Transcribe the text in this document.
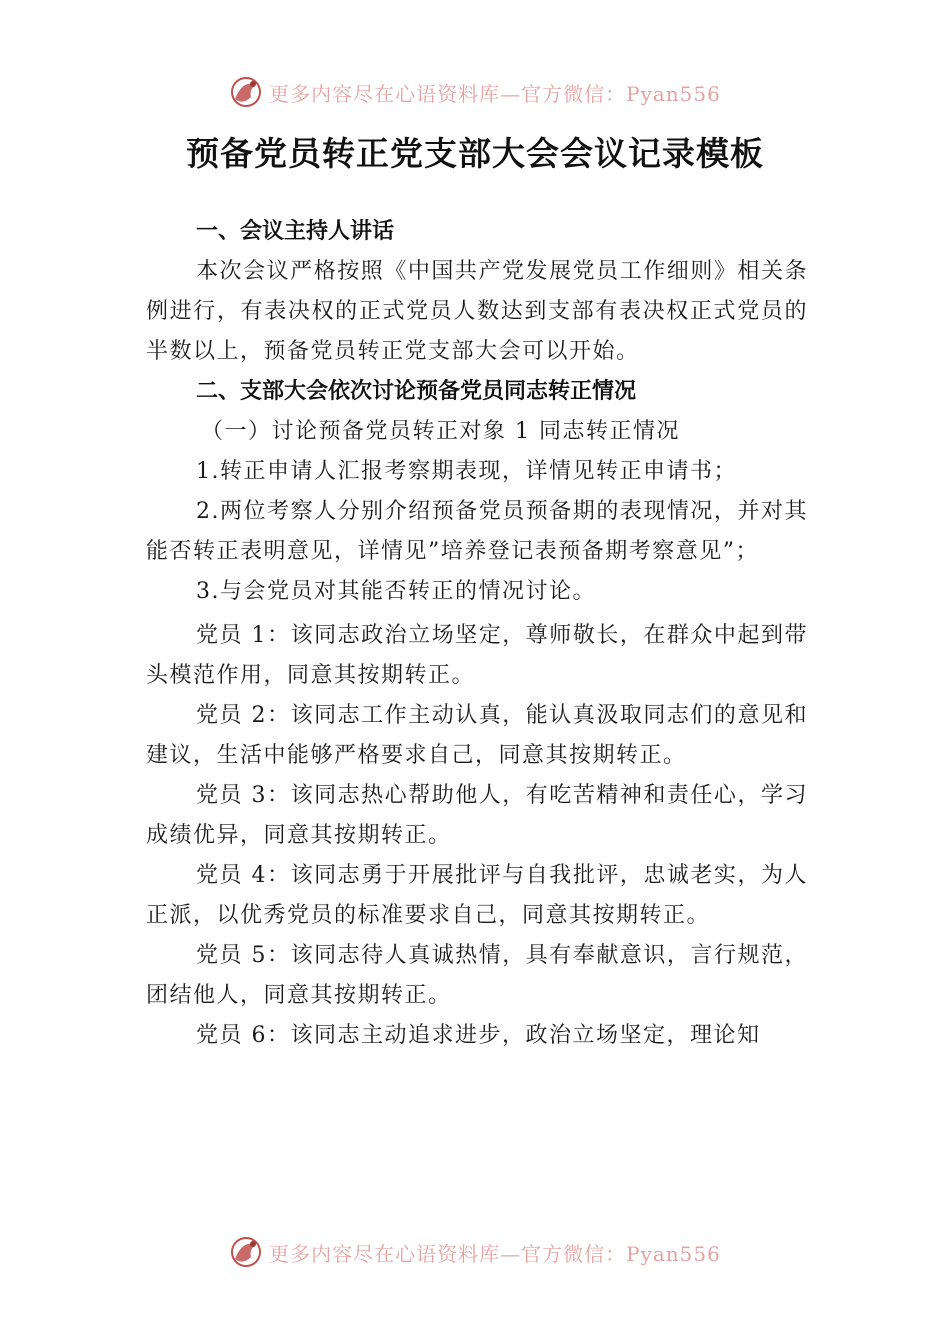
更多内容尽在心语资料库—官方微信：Pyan556
预备党员转正党支部大会会议记录模板

一、会议主持人讲话

本次会议严格按照《中国共产党发展党员工作细则》相关条例进行，有表决权的正式党员人数达到支部有表决权正式党员的半数以上，预备党员转正党支部大会可以开始。

二、支部大会依次讨论预备党员同志转正情况

（一）讨论预备党员转正对象 1 同志转正情况

1.转正申请人汇报考察期表现，详情见转正申请书；

2.两位考察人分别介绍预备党员预备期的表现情况，并对其能否转正表明意见，详情见”培养登记表预备期考察意见”；

3.与会党员对其能否转正的情况讨论。

党员 1：该同志政治立场坚定，尊师敬长，在群众中起到带头模范作用，同意其按期转正。

党员 2：该同志工作主动认真，能认真汲取同志们的意见和建议，生活中能够严格要求自己，同意其按期转正。

党员 3：该同志热心帮助他人，有吃苦精神和责任心，学习成绩优异，同意其按期转正。

党员 4：该同志勇于开展批评与自我批评，忠诚老实，为人正派，以优秀党员的标准要求自己，同意其按期转正。

党员 5：该同志待人真诚热情，具有奉献意识，言行规范，团结他人，同意其按期转正。

党员 6：该同志主动追求进步，政治立场坚定，理论知

更多内容尽在心语资料库—官方微信：Pyan556
